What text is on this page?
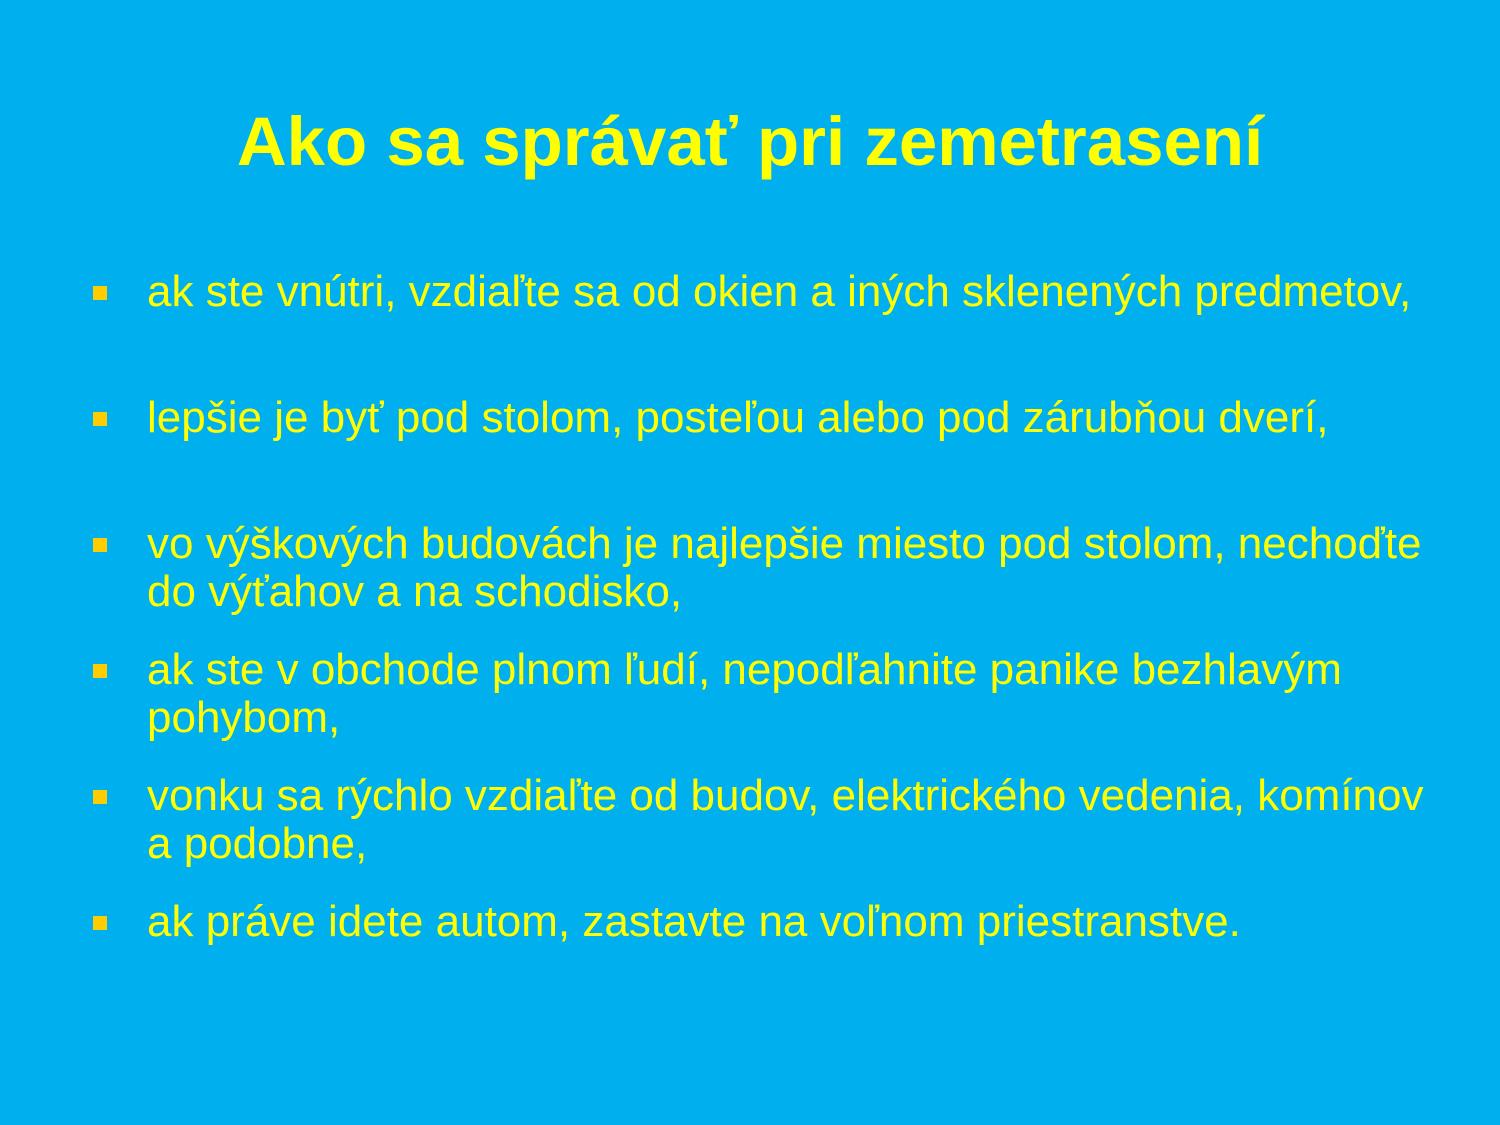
Ako sa správať pri zemetrasení
ak ste vnútri, vzdiaľte sa od okien a iných sklenených predmetov,
lepšie je byť pod stolom, posteľou alebo pod zárubňou dverí,
vo výškových budovách je najlepšie miesto pod stolom, nechoďte do výťahov a na schodisko,
ak ste v obchode plnom ľudí, nepodľahnite panike bezhlavým pohybom,
vonku sa rýchlo vzdiaľte od budov, elektrického vedenia, komínov a podobne,
ak práve idete autom, zastavte na voľnom priestranstve.
